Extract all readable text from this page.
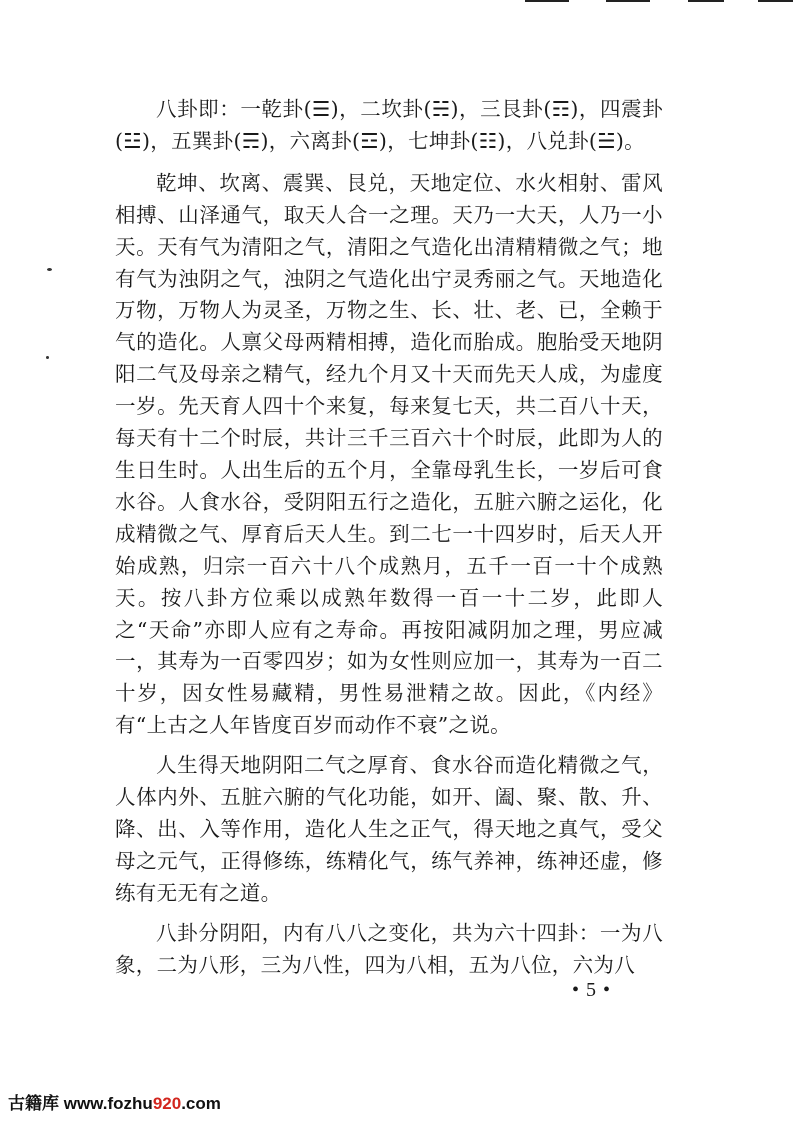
八卦即：一乾卦(☰)，二坎卦(☵)，三艮卦(☶)，四震卦(☳)，五巽卦(☴)，六离卦(☲)，七坤卦(☷)，八兑卦(☱)。

乾坤、坎离、震巽、艮兑，天地定位、水火相射、雷风相搏、山泽通气，取天人合一之理。天乃一大天，人乃一小天。天有气为清阳之气，清阳之气造化出清精精微之气；地有气为浊阴之气，浊阴之气造化出宁灵秀丽之气。天地造化万物，万物人为灵圣，万物之生、长、壮、老、已，全赖于气的造化。人禀父母两精相搏，造化而胎成。胞胎受天地阴阳二气及母亲之精气，经九个月又十天而先天人成，为虚度一岁。先天育人四十个来复，每来复七天，共二百八十天，每天有十二个时辰，共计三千三百六十个时辰，此即为人的生日生时。人出生后的五个月，全靠母乳生长，一岁后可食水谷。人食水谷，受阴阳五行之造化，五脏六腑之运化，化成精微之气、厚育后天人生。到二七一十四岁时，后天人开始成熟，归宗一百六十八个成熟月，五千一百一十个成熟天。按八卦方位乘以成熟年数得一百一十二岁，此即人之“天命”亦即人应有之寿命。再按阳减阴加之理，男应减一，其寿为一百零四岁；如为女性则应加一，其寿为一百二十岁，因女性易藏精，男性易泄精之故。因此，《内经》有“上古之人年皆度百岁而动作不衰”之说。

人生得天地阴阳二气之厚育、食水谷而造化精微之气，人体内外、五脏六腑的气化功能，如开、阖、聚、散、升、降、出、入等作用，造化人生之正气，得天地之真气，受父母之元气，正得修练，练精化气，练气养神，练神还虚，修练有无无有之道。

八卦分阴阳，内有八八之变化，共为六十四卦：一为八象，二为八形，三为八性，四为八相，五为八位，六为八

• 5 •
古籍库 www.fozhu920.com
